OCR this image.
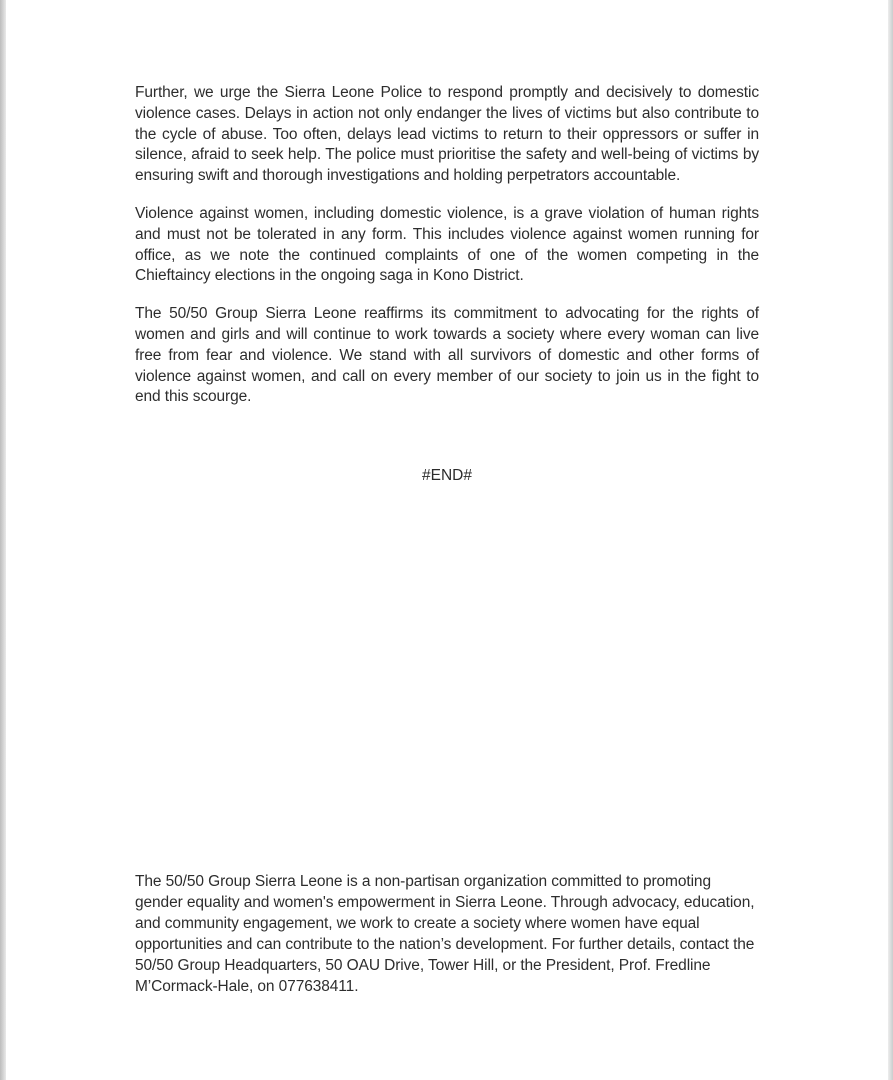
Further, we urge the Sierra Leone Police to respond promptly and decisively to domestic violence cases. Delays in action not only endanger the lives of victims but also contribute to the cycle of abuse. Too often, delays lead victims to return to their oppressors or suffer in silence, afraid to seek help. The police must prioritise the safety and well-being of victims by ensuring swift and thorough investigations and holding perpetrators accountable.

Violence against women, including domestic violence, is a grave violation of human rights and must not be tolerated in any form. This includes violence against women running for office, as we note the continued complaints of one of the women competing in the Chieftaincy elections in the ongoing saga in Kono District.

The 50/50 Group Sierra Leone reaffirms its commitment to advocating for the rights of women and girls and will continue to work towards a society where every woman can live free from fear and violence. We stand with all survivors of domestic and other forms of violence against women, and call on every member of our society to join us in the fight to end this scourge.

#END#
The 50/50 Group Sierra Leone is a non-partisan organization committed to promoting gender equality and women's empowerment in Sierra Leone. Through advocacy, education, and community engagement, we work to create a society where women have equal opportunities and can contribute to the nation’s development. For further details, contact the 50/50 Group Headquarters, 50 OAU Drive, Tower Hill, or the President, Prof. Fredline M’Cormack-Hale, on 077638411.
